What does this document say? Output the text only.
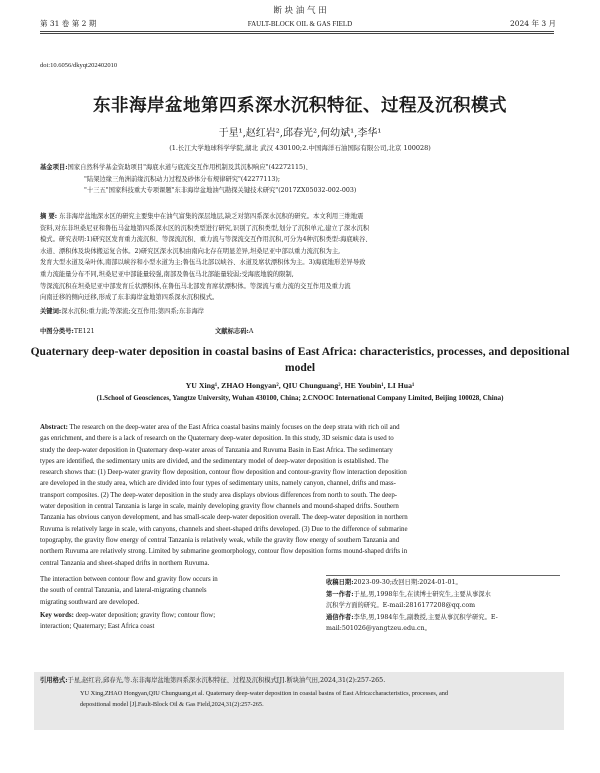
断 块 油 气 田
FAULT-BLOCK OIL & GAS FIELD
第 31 卷 第 2 期	2024 年 3 月
doi:10.6056/dkyqt202402010
东非海岸盆地第四系深水沉积特征、过程及沉积模式
于星¹,赵红岩²,邱春光²,何幼斌¹,李华¹
(1.长江大学地球科学学院,湖北 武汉 430100;2.中国海洋石油国际有限公司,北京 100028)
基金项目:国家自然科学基金资助项目"海底水道与底流交互作用机制及其沉积响应"(42272115)、
"陆架边缘三角洲前缘沉积动力过程及砂体分布规律研究"(42277113);
"十三五"国家科技重大专项课题"东非海岸盆地油气勘探关键技术研究"(2017ZX05032-002-003)
摘 要: 东非海岸盆地深水区的研究主要集中在油气富集的深层地层,缺乏对第四系深水沉积的研究。本文利用三维地震
资料,对东非坦桑尼亚和鲁伍马盆地第四系深水区的沉积类型进行研究,识别了沉积类型,划分了沉积单元,建立了深水沉积
模式。研究表明:1)研究区发育重力流沉积、等深流沉积、重力流与等深流交互作用沉积,可分为4种沉积类型:海底峡谷、
水道、漂积体及块体搬运复合体。2)研究区深水沉积由南向北存在明显差异,坦桑尼亚中部以重力流沉积为主,
发育大型水道及朵叶体,南部以峡谷和小型水道为主;鲁伍马北部以峡谷、水道及席状漂积体为主。3)海底地形差异导致
重力流能量分布不同,坦桑尼亚中部能量较强,南部及鲁伍马北部能量较弱;受海底地貌的限制,
等深流沉积在坦桑尼亚中部发育丘状漂积体,在鲁伍马北部发育席状漂积体。等深流与重力流的交互作用及重力流
向南迁移的侧向迁移,形成了东非海岸盆地第四系深水沉积模式。
关键词:深水沉积;重力流;等深流;交互作用;第四系;东非海岸
中图分类号:TE121	文献标志码:A
Quaternary deep-water deposition in coastal basins of East Africa: characteristics, processes, and depositional model
YU Xing¹, ZHAO Hongyan², QIU Chunguang², HE Youbin¹, LI Hua¹
(1.School of Geosciences, Yangtze University, Wuhan 430100, China; 2.CNOOC International Company Limited, Beijing 100028, China)
Abstract: The research on the deep-water area of the East Africa coastal basins mainly focuses on the deep strata with rich oil and
gas enrichment, and there is a lack of research on the Quaternary deep-water deposition. In this study, 3D seismic data is used to
study the deep-water deposition in Quaternary deep-water areas of Tanzania and Ruvuma Basin in East Africa. The sedimentary
types are identified, the sedimentary units are divided, and the sedimentary model of deep-water deposition is established. The
research shows that: (1) Deep-water gravity flow deposition, contour flow deposition and contour-gravity flow interaction deposition
are developed in the study area, which are divided into four types of sedimentary units, namely canyon, channel, drifts and mass-
transport composites. (2) The deep-water deposition in the study area displays obvious differences from north to south. The deep-
water deposition in central Tanzania is large in scale, mainly developing gravity flow channels and mound-shaped drifts. Southern
Tanzania has obvious canyon development, and has small-scale deep-water deposition overall. The deep-water deposition in northern
Ruvuma is relatively large in scale, with canyons, channels and sheet-shaped drifts developed. (3) Due to the difference of submarine
topography, the gravity flow energy of central Tanzania is relatively weak, while the gravity flow energy of southern Tanzania and
northern Ruvuma are relatively strong. Limited by submarine geomorphology, contour flow deposition forms mound-shaped drifts in
central Tanzania and sheet-shaped drifts in northern Ruvuma.
The interaction between contour flow and gravity flow occurs in
the south of central Tanzania, and lateral-migrating channels
migrating southward are developed.
Key words: deep-water deposition; gravity flow; contour flow;
interaction; Quaternary; East Africa coast
收稿日期:2023-09-30;改回日期:2024-01-01。
第一作者:于星,男,1998年生,在读博士研究生,主要从事深水
沉积学方面的研究。E-mail:2816177208@qq.com
通信作者:李华,男,1984年生,副教授,主要从事沉积学研究。E-
mail:501026@yangtzeu.edu.cn。
引用格式:于星,赵红岩,邱春光,等.东非海岸盆地第四系深水沉积特征、过程及沉积模式[J].断块油气田,2024,31(2):257-265.
YU Xing,ZHAO Hongyan,QIU Chunguang,et al. Quaternary deep-water deposition in coastal basins of East Africa:characteristics, processes, and
depositional model [J].Fault-Block Oil & Gas Field,2024,31(2):257-265.
